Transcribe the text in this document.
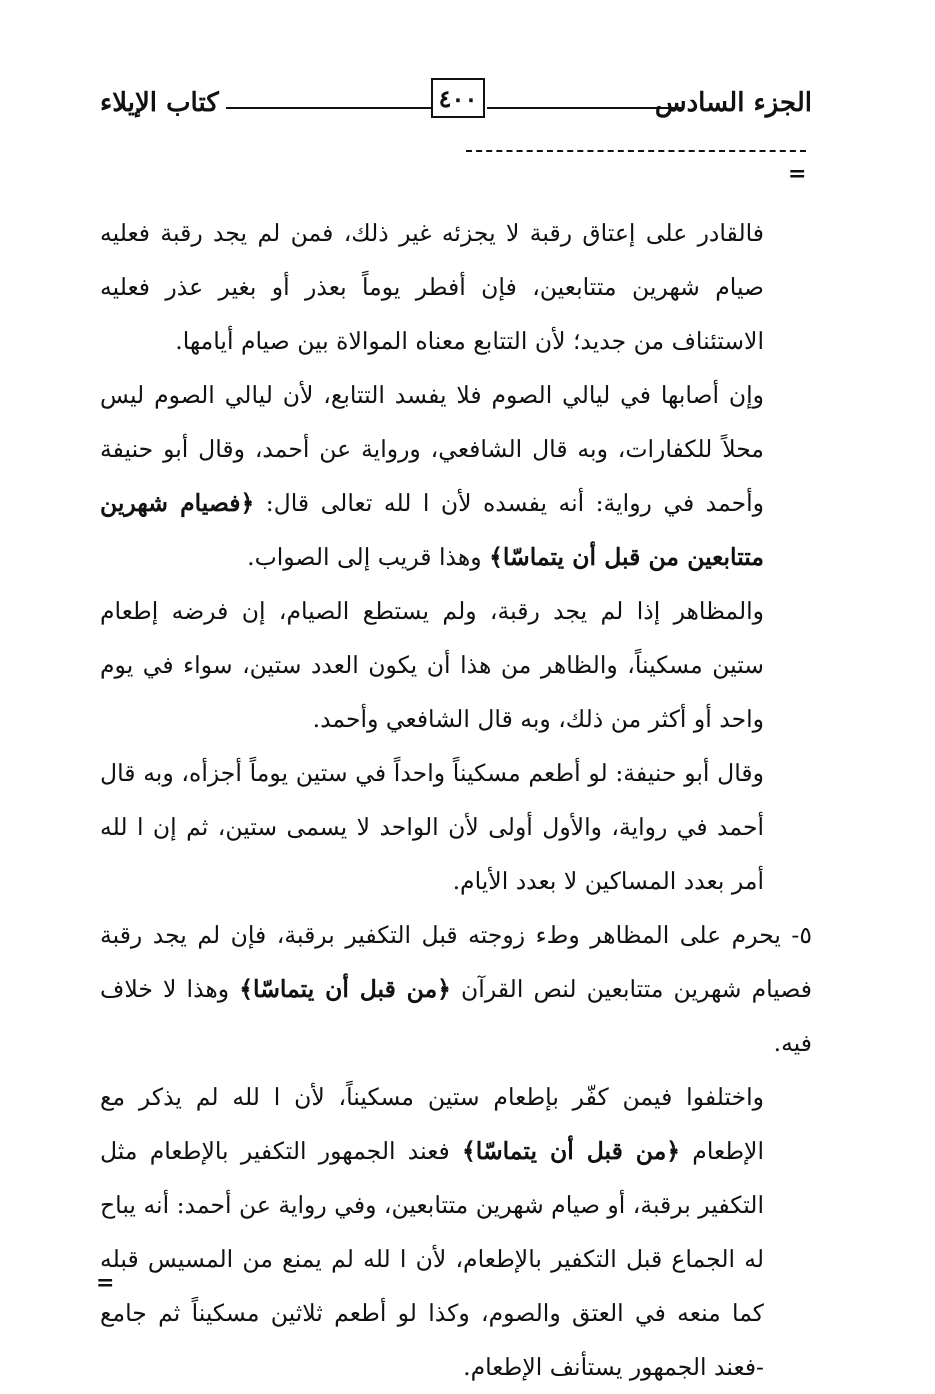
الجزء السادس
٤٠٠
كتاب الإيلاء
=

فالقادر على إعتاق رقبة لا يجزئه غير ذلك، فمن لم يجد رقبة فعليه صيام شهرين متتابعين، فإن أفطر يوماً بعذر أو بغير عذر فعليه الاستئناف من جديد؛ لأن التتابع معناه الموالاة بين صيام أيامها.

وإن أصابها في ليالي الصوم فلا يفسد التتابع، لأن ليالي الصوم ليس محلاً للكفارات، وبه قال الشافعي، ورواية عن أحمد، وقال أبو حنيفة وأحمد في رواية: أنه يفسده لأن ا لله تعالى قال: ﴿فصيام شهرين متتابعين من قبل أن يتماسّا﴾ وهذا قريب إلى الصواب.

والمظاهر إذا لم يجد رقبة، ولم يستطع الصيام، إن فرضه إطعام ستين مسكيناً، والظاهر من هذا أن يكون العدد ستين، سواء في يوم واحد أو أكثر من ذلك، وبه قال الشافعي وأحمد.

وقال أبو حنيفة: لو أطعم مسكيناً واحداً في ستين يوماً أجزأه، وبه قال أحمد في رواية، والأول أولى لأن الواحد لا يسمى ستين، ثم إن ا لله أمر بعدد المساكين لا بعدد الأيام.

٥- يحرم على المظاهر وطء زوجته قبل التكفير برقبة، فإن لم يجد رقبة فصيام شهرين متتابعين لنص القرآن ﴿من قبل أن يتماسّا﴾ وهذا لا خلاف فيه.

واختلفوا فيمن كفّر بإطعام ستين مسكيناً، لأن ا لله لم يذكر مع الإطعام ﴿من قبل أن يتماسّا﴾ فعند الجمهور التكفير بالإطعام مثل التكفير برقبة، أو صيام شهرين متتابعين، وفي رواية عن أحمد: أنه يباح له الجماع قبل التكفير بالإطعام، لأن ا لله لم يمنع من المسيس قبله كما منعه في العتق والصوم، وكذا لو أطعم ثلاثين مسكيناً ثم جامع -فعند الجمهور يستأنف الإطعام.

=
